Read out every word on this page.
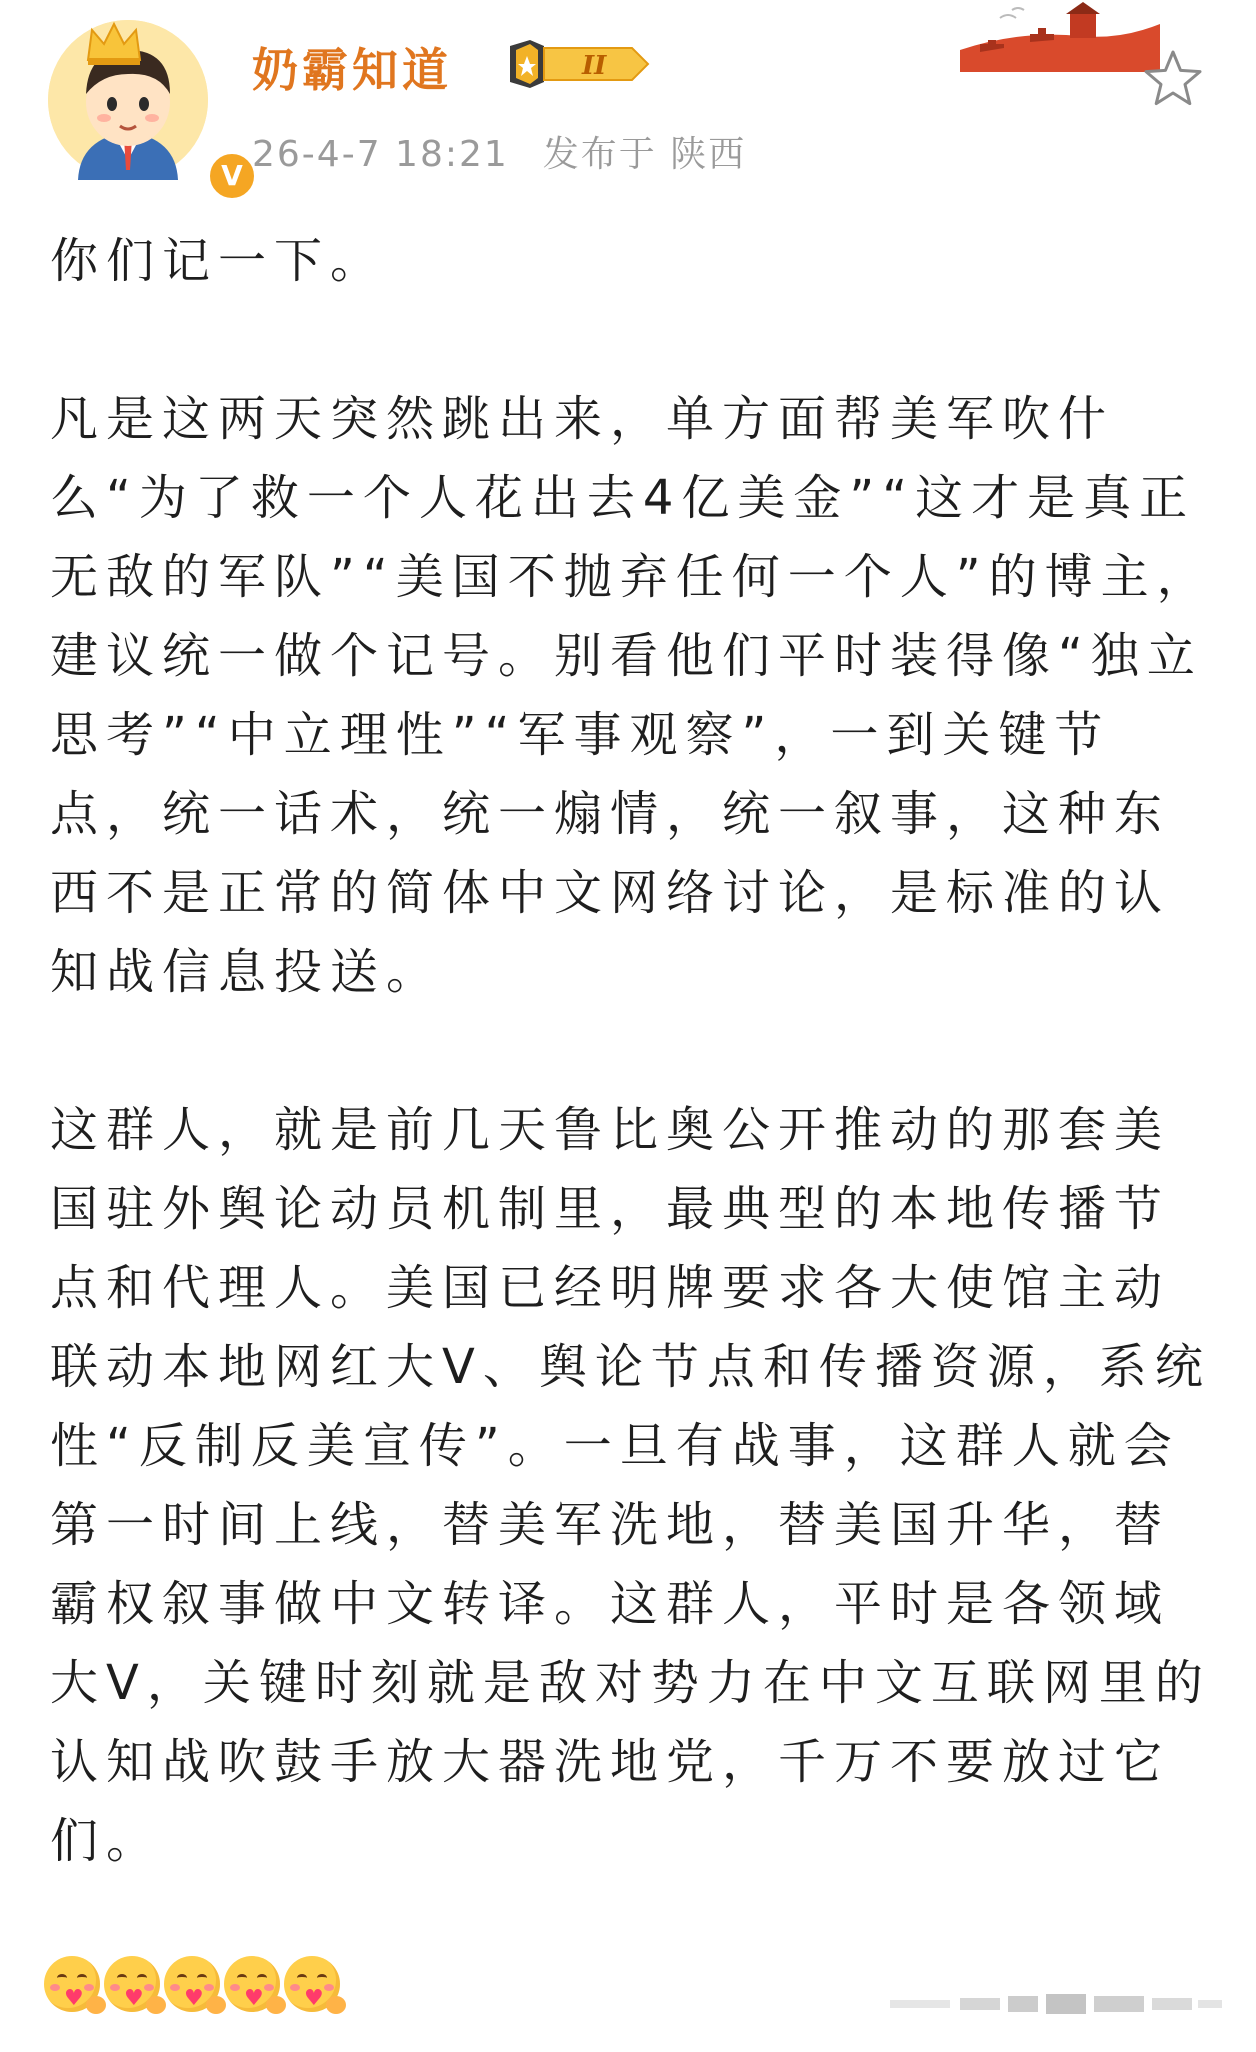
V
奶霸知道	II
26-4-7 18:21 发布于 陕西

你们记一下。

凡是这两天突然跳出来，单方面帮美军吹什么“为了救一个人花出去4亿美金”“这才是真正无敌的军队”“美国不抛弃任何一个人”的博主，建议统一做个记号。别看他们平时装得像“独立思考”“中立理性”“军事观察”，一到关键节点，统一话术，统一煽情，统一叙事，这种东西不是正常的简体中文网络讨论，是标准的认知战信息投送。

这群人，就是前几天鲁比奥公开推动的那套美国驻外舆论动员机制里，最典型的本地传播节点和代理人。美国已经明牌要求各大使馆主动联动本地网红大V、舆论节点和传播资源，系统性“反制反美宣传”。一旦有战事，这群人就会第一时间上线，替美军洗地，替美国升华，替霸权叙事做中文转译。这群人，平时是各领域大V，关键时刻就是敌对势力在中文互联网里的认知战吹鼓手放大器洗地党，千万不要放过它们。

♥ ♥ ♥ ♥ ♥
